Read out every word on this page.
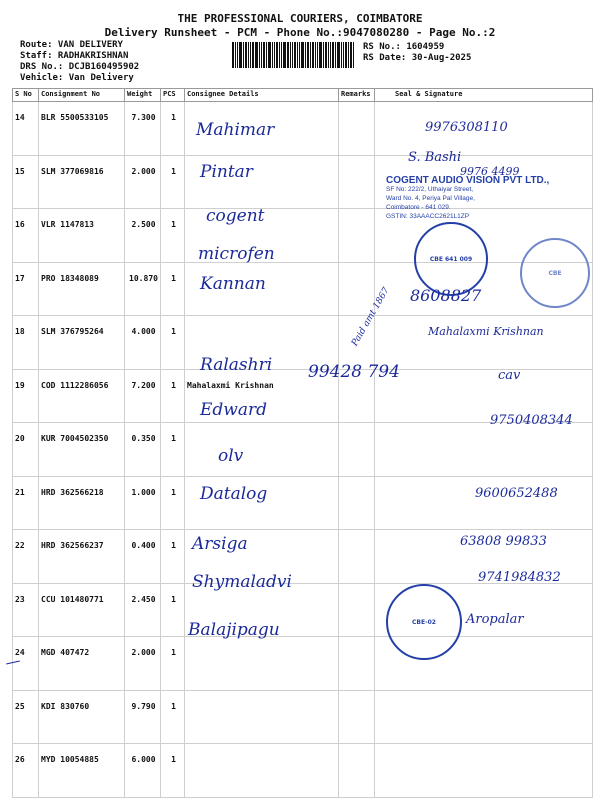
THE PROFESSIONAL COURIERS, COIMBATORE
Delivery Runsheet - PCM - Phone No.:9047080280 - Page No.:2
Route: VAN DELIVERY
Staff: RADHAKRISHNAN
DRS No.: DCJB160495902
Vehicle: Van Delivery
RS No.: 1604959
RS Date: 30-Aug-2025
S No	Consignment No	Weight	PCS	Consignee Details	Remarks	Seal & Signature
14	BLR 5500533105	7.300	1			
15	SLM 377069816	2.000	1			
16	VLR 1147813	2.500	1			
17	PRO 18348089	10.870	1			
18	SLM 376795264	4.000	1			
19	COD 1112286056	7.200	1	Mahalaxmi Krishnan		
20	KUR 7004502350	0.350	1			
21	HRD 362566218	1.000	1			
22	HRD 362566237	0.400	1			
23	CCU 101480771	2.450	1			
24	MGD 407472	2.000	1			
25	KDI 830760	9.790	1			
26	MYD 10054885	6.000	1			
Mahimar
Pintar
cogent
microfen
Kannan
Ralashri
Edward
olv
Datalog
Arsiga
Shymaladvi
Balajipagu
COGENT AUDIO VISION PVT LTD.,
SF No: 222/2, Uthaiyar Street,
Ward No. 4, Periya Pal Village,
Coimbatore - 641 029.
GSTIN: 33AAACC2621L1ZP
CBE 641 009
CBE
CBE-02
9976308110
S. Bashi
9976 4499
8608827
Paid amt 1867	Mahalaxmi Krishnan
99428 794	cav
9750408344
9600652488
63808 99833
9741984832
Aropalar
